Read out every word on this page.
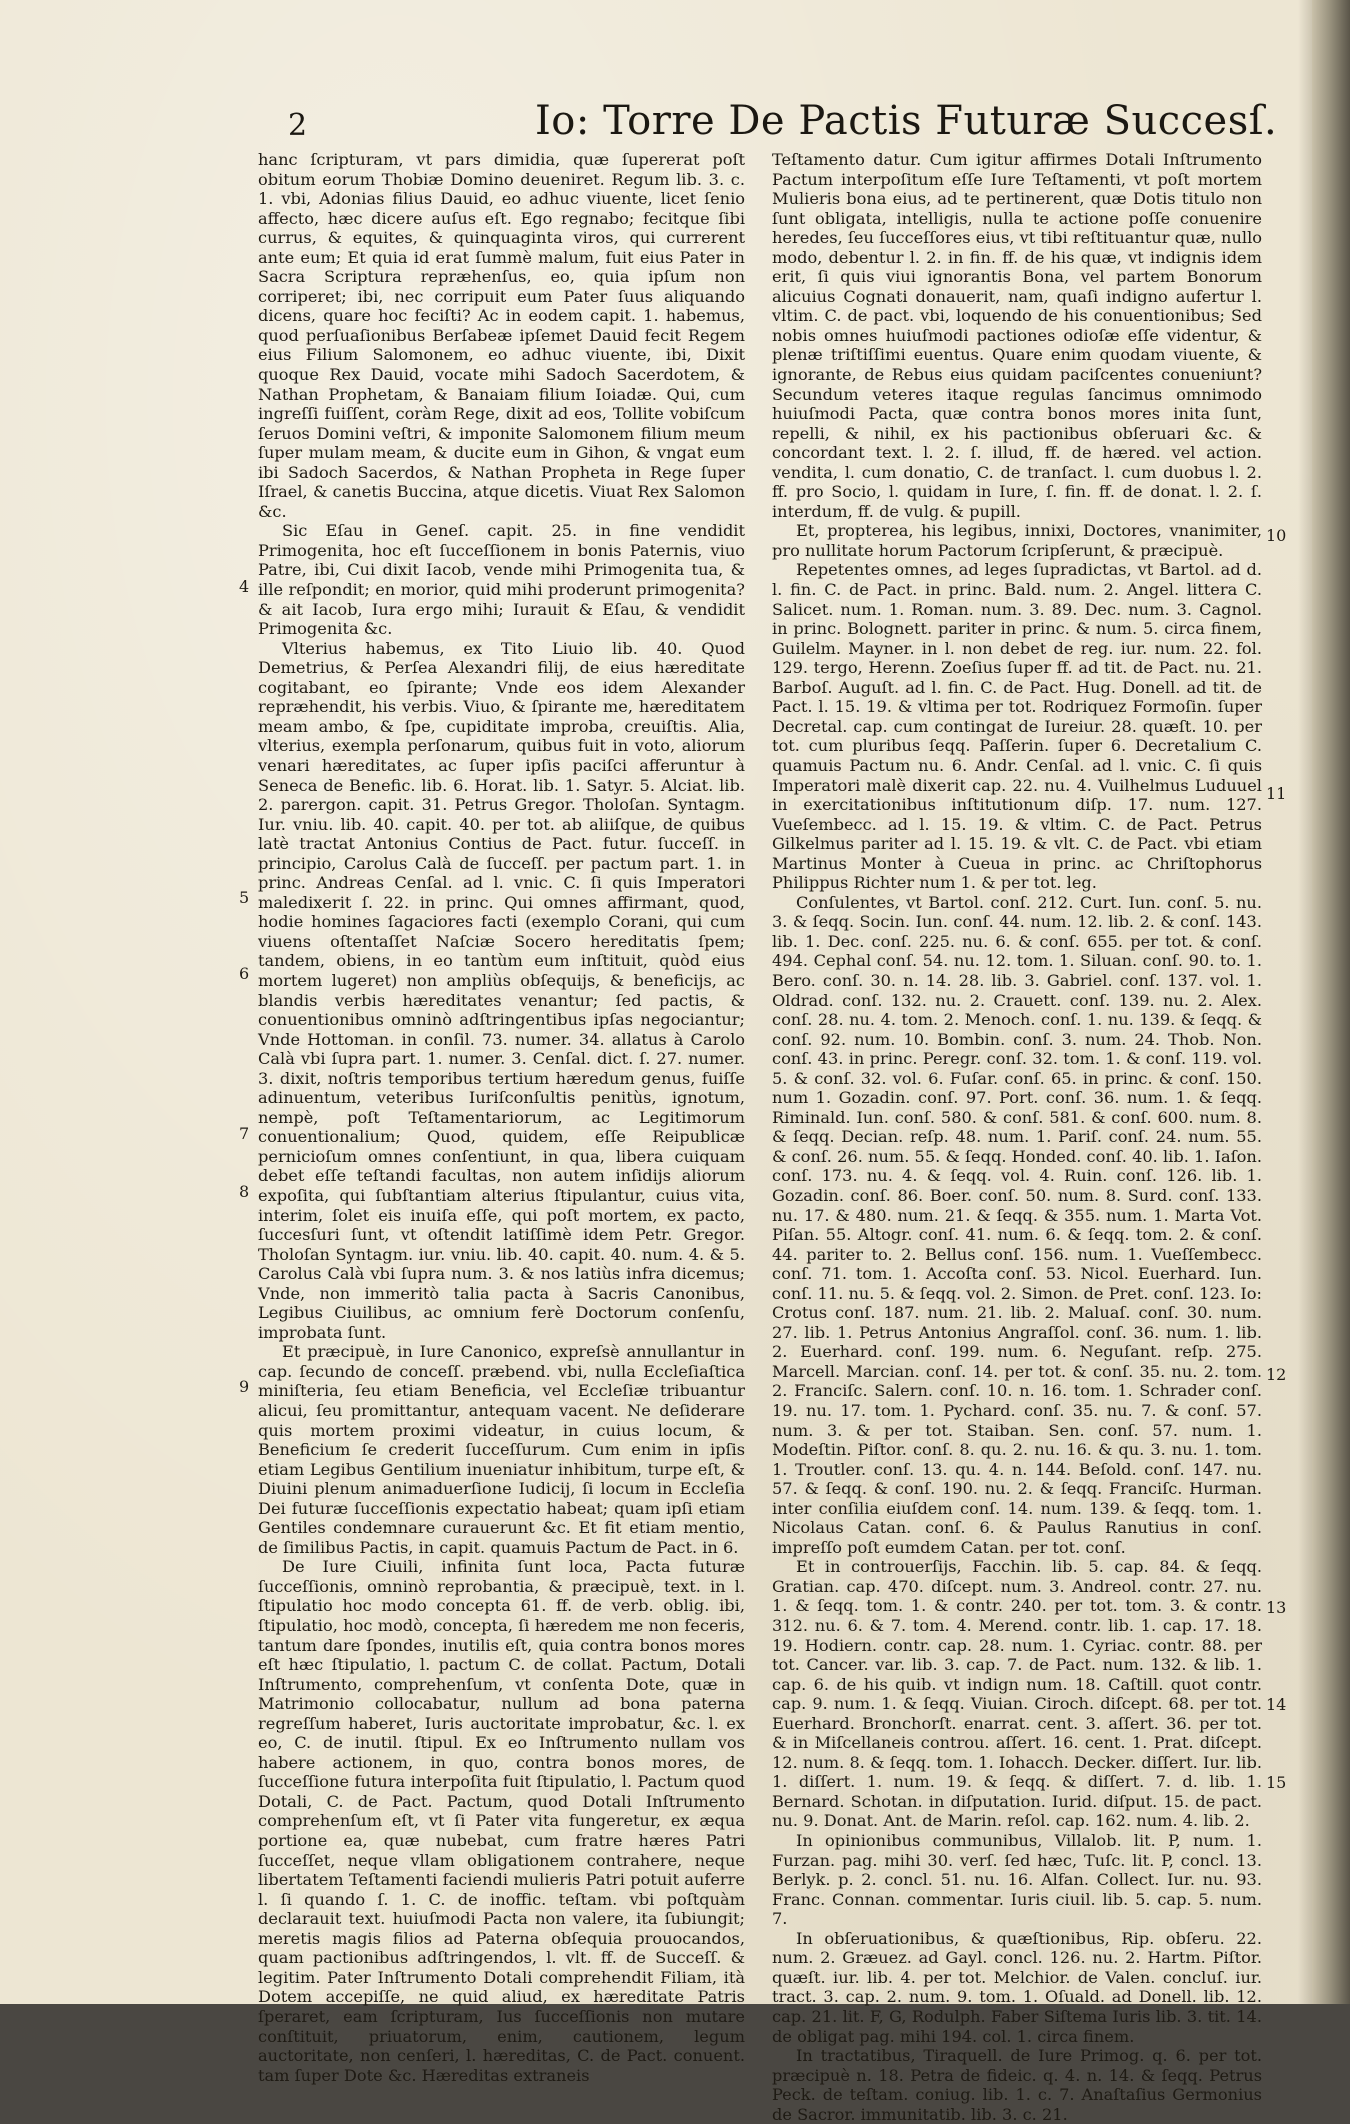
2	Io: Torre De Pactis Futuræ Succesſ.

hanc ſcripturam, vt pars dimidia, quæ ſupererat poſt obitum eorum Thobiæ Domino deueniret. Regum lib. 3. c. 1. vbi, Adonias filius Dauid, eo adhuc viuente, licet ſenio affecto, hæc dicere auſus eſt. Ego regnabo; fecitque ſibi currus, & equites, & quinquaginta viros, qui currerent ante eum; Et quia id erat ſummè malum, fuit eius Pater in Sacra Scriptura repræhenſus, eo, quia ipſum non corriperet; ibi, nec corripuit eum Pater ſuus aliquando dicens, quare hoc feciſti? Ac in eodem capit. 1. habemus, quod perſuaſionibus Berſabeæ ipſemet Dauid fecit Regem eius Filium Salomonem, eo adhuc viuente, ibi, Dixit quoque Rex Dauid, vocate mihi Sadoch Sacerdotem, & Nathan Prophetam, & Banaiam filium Ioiadæ. Qui, cum ingreſſi fuiſſent, coràm Rege, dixit ad eos, Tollite vobiſcum ſeruos Domini veſtri, & imponite Salomonem filium meum ſuper mulam meam, & ducite eum in Gihon, & vngat eum ibi Sadoch Sacerdos, & Nathan Propheta in Rege ſuper Iſrael, & canetis Buccina, atque dicetis. Viuat Rex Salomon &c.

Sic Eſau in Geneſ. capit. 25. in fine vendidit Primogenita, hoc eſt ſucceſſionem in bonis Paternis, viuo Patre, ibi, Cui dixit Iacob, vende mihi Primogenita tua, & ille reſpondit; en morior, quid mihi proderunt primogenita? & ait Iacob, Iura ergo mihi; Iurauit & Eſau, & vendidit Primogenita &c.

Vlterius habemus, ex Tito Liuio lib. 40. Quod Demetrius, & Perſea Alexandri filij, de eius hæreditate cogitabant, eo ſpirante; Vnde eos idem Alexander repræhendit, his verbis. Viuo, & ſpirante me, hæreditatem meam ambo, & ſpe, cupiditate improba, creuiſtis. Alia, vlterius, exempla perſonarum, quibus fuit in voto, aliorum venari hæreditates, ac ſuper ipſis paciſci afferuntur à Seneca de Benefic. lib. 6. Horat. lib. 1. Satyr. 5. Alciat. lib. 2. parergon. capit. 31. Petrus Gregor. Tholoſan. Syntagm. Iur. vniu. lib. 40. capit. 40. per tot. ab aliiſque, de quibus latè tractat Antonius Contius de Pact. futur. ſucceſſ. in principio, Carolus Calà de ſucceſſ. per pactum part. 1. in princ. Andreas Cenſal. ad l. vnic. C. ſi quis Imperatori maledixerit ſ. 22. in princ. Qui omnes affirmant, quod, hodie homines ſagaciores facti (exemplo Corani, qui cum viuens oſtentaſſet Naſciæ Socero hereditatis ſpem; tandem, obiens, in eo tantùm eum inſtituit, quòd eius mortem lugeret) non ampliùs obſequijs, & beneficijs, ac blandis verbis hæreditates venantur; ſed pactis, & conuentionibus omninò adſtringentibus ipſas negociantur; Vnde Hottoman. in conſil. 73. numer. 34. allatus à Carolo Calà vbi ſupra part. 1. numer. 3. Cenſal. dict. ſ. 27. numer. 3. dixit, noſtris temporibus tertium hæredum genus, fuiſſe adinuentum, veteribus Iuriſconſultis penitùs, ignotum, nempè, poſt Teſtamentariorum, ac Legitimorum conuentionalium; Quod, quidem, eſſe Reipublicæ pernicioſum omnes conſentiunt, in qua, libera cuiquam debet eſſe teſtandi facultas, non autem inſidijs aliorum expoſita, qui ſubſtantiam alterius ſtipulantur, cuius vita, interim, ſolet eis inuiſa eſſe, qui poſt mortem, ex pacto, ſuccesſuri ſunt, vt oſtendit latiſſimè idem Petr. Gregor. Tholoſan Syntagm. iur. vniu. lib. 40. capit. 40. num. 4. & 5. Carolus Calà vbi ſupra num. 3. & nos latiùs infra dicemus; Vnde, non immeritò talia pacta à Sacris Canonibus, Legibus Ciuilibus, ac omnium ferè Doctorum conſenſu, improbata ſunt.

Et præcipuè, in Iure Canonico, expreſsè annullantur in cap. ſecundo de conceſſ. præbend. vbi, nulla Eccleſiaſtica miniſteria, ſeu etiam Beneficia, vel Eccleſiæ tribuantur alicui, ſeu promittantur, antequam vacent. Ne deſiderare quis mortem proximi videatur, in cuius locum, & Beneficium ſe crederit ſucceſſurum. Cum enim in ipſis etiam Legibus Gentilium inueniatur inhibitum, turpe eſt, & Diuini plenum animaduerſione Iudicij, ſi locum in Eccleſia Dei futuræ ſucceſſionis expectatio habeat; quam ipſi etiam Gentiles condemnare curauerunt &c. Et fit etiam mentio, de ſimilibus Pactis, in capit. quamuis Pactum de Pact. in 6.

De Iure Ciuili, infinita ſunt loca, Pacta futuræ ſucceſſionis, omninò reprobantia, & præcipuè, text. in l. ſtipulatio hoc modo concepta 61. ff. de verb. oblig. ibi, ſtipulatio, hoc modò, concepta, ſi hæredem me non feceris, tantum dare ſpondes, inutilis eſt, quia contra bonos mores eſt hæc ſtipulatio, l. pactum C. de collat. Pactum, Dotali Inſtrumento, comprehenſum, vt conſenta Dote, quæ in Matrimonio collocabatur, nullum ad bona paterna regreſſum haberet, Iuris auctoritate improbatur, &c. l. ex eo, C. de inutil. ſtipul. Ex eo Inſtrumento nullam vos habere actionem, in quo, contra bonos mores, de ſucceſſione futura interpoſita fuit ſtipulatio, l. Pactum quod Dotali, C. de Pact. Pactum, quod Dotali Inſtrumento comprehenſum eſt, vt ſi Pater vita fungeretur, ex æqua portione ea, quæ nubebat, cum fratre hæres Patri ſucceſſet, neque vllam obligationem contrahere, neque libertatem Teſtamenti faciendi mulieris Patri potuit auferre l. ſi quando ſ. 1. C. de inoffic. teſtam. vbi poſtquàm declarauit text. huiuſmodi Pacta non valere, ita ſubiungit; meretis magis filios ad Paterna obſequia prouocandos, quam pactionibus adſtringendos, l. vlt. ff. de Succeſſ. & legitim. Pater Inſtrumento Dotali comprehendit Filiam, ità Dotem accepiſſe, ne quid aliud, ex hæreditate Patris ſperaret, eam ſcripturam, Ius ſucceſſionis non mutare conſtituit, priuatorum, enim, cautionem, legum auctoritate, non cenſeri, l. hæreditas, C. de Pact. conuent. tam ſuper Dote &c. Hæreditas extraneis

Teſtamento datur. Cum igitur affirmes Dotali Inſtrumento Pactum interpoſitum eſſe Iure Teſtamenti, vt poſt mortem Mulieris bona eius, ad te pertinerent, quæ Dotis titulo non ſunt obligata, intelligis, nulla te actione poſſe conuenire heredes, ſeu ſucceſſores eius, vt tibi reſtituantur quæ, nullo modo, debentur l. 2. in fin. ff. de his quæ, vt indignis idem erit, ſi quis viui ignorantis Bona, vel partem Bonorum alicuius Cognati donauerit, nam, quaſi indigno aufertur l. vltim. C. de pact. vbi, loquendo de his conuentionibus; Sed nobis omnes huiuſmodi pactiones odioſæ eſſe videntur, & plenæ triſtiſſimi euentus. Quare enim quodam viuente, & ignorante, de Rebus eius quidam paciſcentes conueniunt? Secundum veteres itaque regulas ſancimus omnimodo huiuſmodi Pacta, quæ contra bonos mores inita ſunt, repelli, & nihil, ex his pactionibus obſeruari &c. & concordant text. l. 2. ſ. illud, ff. de hæred. vel action. vendita, l. cum donatio, C. de tranſact. l. cum duobus l. 2. ff. pro Socio, l. quidam in Iure, ſ. fin. ff. de donat. l. 2. ſ. interdum, ff. de vulg. & pupill.

Et, propterea, his legibus, innixi, Doctores, vnanimiter, pro nullitate horum Pactorum ſcripſerunt, & præcipuè.

Repetentes omnes, ad leges ſupradictas, vt Bartol. ad d. l. fin. C. de Pact. in princ. Bald. num. 2. Angel. littera C. Salicet. num. 1. Roman. num. 3. 89. Dec. num. 3. Cagnol. in princ. Bolognett. pariter in princ. & num. 5. circa finem, Guilelm. Mayner. in l. non debet de reg. iur. num. 22. fol. 129. tergo, Herenn. Zoeſius ſuper ff. ad tit. de Pact. nu. 21. Barboſ. Auguſt. ad l. fin. C. de Pact. Hug. Donell. ad tit. de Pact. l. 15. 19. & vltima per tot. Rodriquez Formoſin. ſuper Decretal. cap. cum contingat de Iureiur. 28. quæſt. 10. per tot. cum pluribus ſeqq. Paſſerin. ſuper 6. Decretalium C. quamuis Pactum nu. 6. Andr. Cenſal. ad l. vnic. C. ſi quis Imperatori malè dixerit cap. 22. nu. 4. Vuilhelmus Luduuel in exercitationibus inſtitutionum diſp. 17. num. 127. Vueſembecc. ad l. 15. 19. & vltim. C. de Pact. Petrus Gilkelmus pariter ad l. 15. 19. & vlt. C. de Pact. vbi etiam Martinus Monter à Cueua in princ. ac Chriſtophorus Philippus Richter num 1. & per tot. leg.

Conſulentes, vt Bartol. conſ. 212. Curt. Iun. conſ. 5. nu. 3. & ſeqq. Socin. Iun. conſ. 44. num. 12. lib. 2. & conſ. 143. lib. 1. Dec. conſ. 225. nu. 6. & conſ. 655. per tot. & conſ. 494. Cephal conſ. 54. nu. 12. tom. 1. Siluan. conſ. 90. to. 1. Bero. conſ. 30. n. 14. 28. lib. 3. Gabriel. conſ. 137. vol. 1. Oldrad. conſ. 132. nu. 2. Crauett. conſ. 139. nu. 2. Alex. conſ. 28. nu. 4. tom. 2. Menoch. conſ. 1. nu. 139. & ſeqq. & conſ. 92. num. 10. Bombin. conſ. 3. num. 24. Thob. Non. conſ. 43. in princ. Peregr. conſ. 32. tom. 1. & conſ. 119. vol. 5. & conſ. 32. vol. 6. Fuſar. conſ. 65. in princ. & conſ. 150. num 1. Gozadin. conſ. 97. Port. conſ. 36. num. 1. & ſeqq. Riminald. Iun. conſ. 580. & conſ. 581. & conſ. 600. num. 8. & ſeqq. Decian. reſp. 48. num. 1. Pariſ. conſ. 24. num. 55. & conſ. 26. num. 55. & ſeqq. Honded. conſ. 40. lib. 1. Iaſon. conſ. 173. nu. 4. & ſeqq. vol. 4. Ruin. conſ. 126. lib. 1. Gozadin. conſ. 86. Boer. conſ. 50. num. 8. Surd. conſ. 133. nu. 17. & 480. num. 21. & ſeqq. & 355. num. 1. Marta Vot. Piſan. 55. Altogr. conſ. 41. num. 6. & ſeqq. tom. 2. & conſ. 44. pariter to. 2. Bellus conſ. 156. num. 1. Vueſſembecc. conſ. 71. tom. 1. Accoſta conſ. 53. Nicol. Euerhard. Iun. conſ. 11. nu. 5. & ſeqq. vol. 2. Simon. de Pret. conſ. 123. Io: Crotus conſ. 187. num. 21. lib. 2. Maluaſ. conſ. 30. num. 27. lib. 1. Petrus Antonius Angraſſol. conſ. 36. num. 1. lib. 2. Euerhard. conſ. 199. num. 6. Neguſant. reſp. 275. Marcell. Marcian. conſ. 14. per tot. & conſ. 35. nu. 2. tom. 2. Franciſc. Salern. conſ. 10. n. 16. tom. 1. Schrader conſ. 19. nu. 17. tom. 1. Pychard. conſ. 35. nu. 7. & conſ. 57. num. 3. & per tot. Staiban. Sen. conſ. 57. num. 1. Modeſtin. Piſtor. conſ. 8. qu. 2. nu. 16. & qu. 3. nu. 1. tom. 1. Troutler. conſ. 13. qu. 4. n. 144. Beſold. conſ. 147. nu. 57. & ſeqq. & conſ. 190. nu. 2. & ſeqq. Franciſc. Hurman. inter conſilia eiuſdem conſ. 14. num. 139. & ſeqq. tom. 1. Nicolaus Catan. conſ. 6. & Paulus Ranutius in conſ. impreſſo poſt eumdem Catan. per tot. conſ.

Et in controuerſijs, Facchin. lib. 5. cap. 84. & ſeqq. Gratian. cap. 470. diſcept. num. 3. Andreol. contr. 27. nu. 1. & ſeqq. tom. 1. & contr. 240. per tot. tom. 3. & contr. 312. nu. 6. & 7. tom. 4. Merend. contr. lib. 1. cap. 17. 18. 19. Hodiern. contr. cap. 28. num. 1. Cyriac. contr. 88. per tot. Cancer. var. lib. 3. cap. 7. de Pact. num. 132. & lib. 1. cap. 6. de his quib. vt indign num. 18. Caſtill. quot contr. cap. 9. num. 1. & ſeqq. Viuian. Ciroch. diſcept. 68. per tot. Euerhard. Bronchorſt. enarrat. cent. 3. aſſert. 36. per tot. & in Miſcellaneis controu. aſſert. 16. cent. 1. Prat. diſcept. 12. num. 8. & ſeqq. tom. 1. Iohacch. Decker. diſſert. Iur. lib. 1. diſſert. 1. num. 19. & ſeqq. & diſſert. 7. d. lib. 1. Bernard. Schotan. in diſputation. Iurid. diſput. 15. de pact. nu. 9. Donat. Ant. de Marin. reſol. cap. 162. num. 4. lib. 2.

In opinionibus communibus, Villalob. lit. P, num. 1. Furzan. pag. mihi 30. verſ. ſed hæc, Tuſc. lit. P, concl. 13. Berlyk. p. 2. concl. 51. nu. 16. Alfan. Collect. Iur. nu. 93. Franc. Connan. commentar. Iuris ciuil. lib. 5. cap. 5. num. 7.

In obſeruationibus, & quæſtionibus, Rip. obſeru. 22. num. 2. Græuez. ad Gayl. concl. 126. nu. 2. Hartm. Piſtor. quæſt. iur. lib. 4. per tot. Melchior. de Valen. concluſ. iur. tract. 3. cap. 2. num. 9. tom. 1. Oſuald. ad Donell. lib. 12. cap. 21. lit. F, G, Rodulph. Faber Siſtema Iuris lib. 3. tit. 14. de obligat pag. mihi 194. col. 1. circa finem.

In tractatibus, Tiraquell. de Iure Primog. q. 6. per tot. præcipuè n. 18. Petra de fideic. q. 4. n. 14. & ſeqq. Petrus Peck. de teſtam. coniug. lib. 1. c. 7. Anaſtaſius Germonius de Sacror. immunitatib. lib. 3. c. 21.

4
5
6
7
8
9
10
11
12
13
14
15
